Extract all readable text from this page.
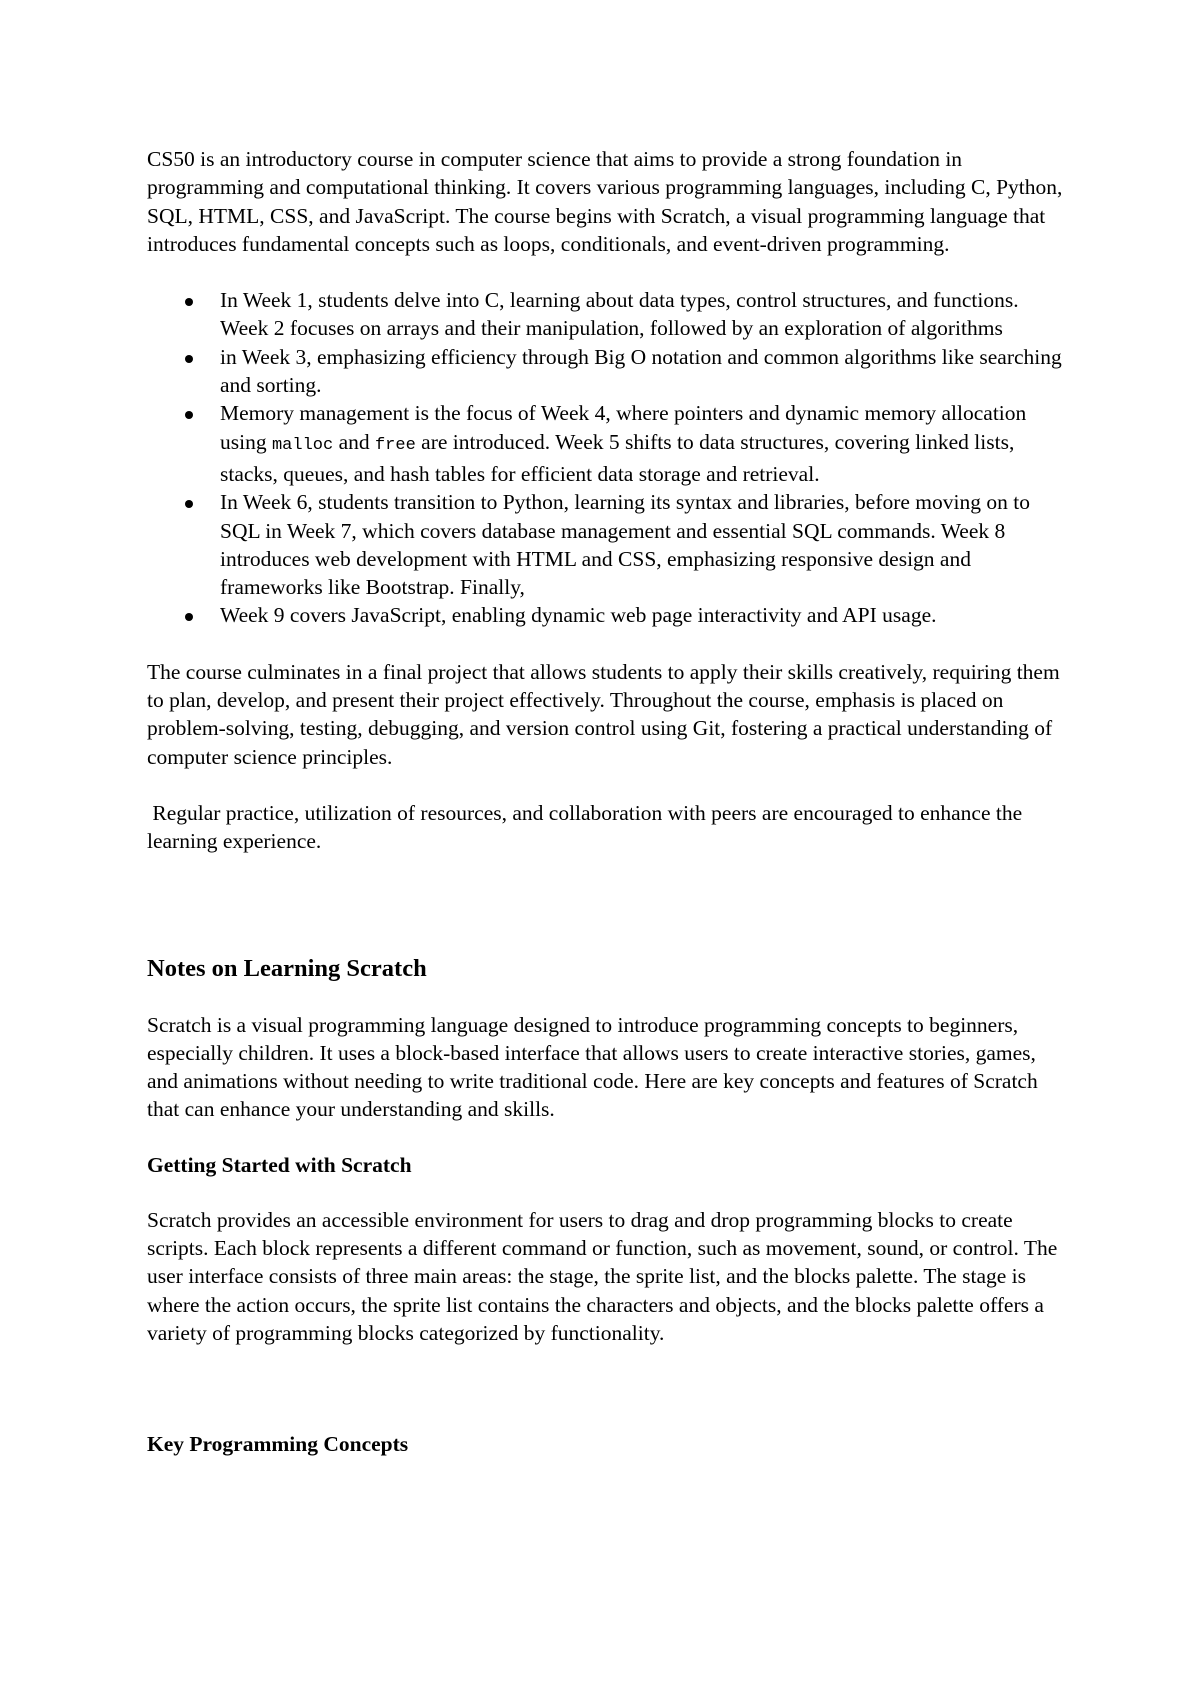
CS50 is an introductory course in computer science that aims to provide a strong foundation in programming and computational thinking. It covers various programming languages, including C, Python, SQL, HTML, CSS, and JavaScript. The course begins with Scratch, a visual programming language that introduces fundamental concepts such as loops, conditionals, and event-driven programming.

In Week 1, students delve into C, learning about data types, control structures, and functions. Week 2 focuses on arrays and their manipulation, followed by an exploration of algorithms
in Week 3, emphasizing efficiency through Big O notation and common algorithms like searching and sorting.
Memory management is the focus of Week 4, where pointers and dynamic memory allocation using malloc and free are introduced. Week 5 shifts to data structures, covering linked lists, stacks, queues, and hash tables for efficient data storage and retrieval.
In Week 6, students transition to Python, learning its syntax and libraries, before moving on to SQL in Week 7, which covers database management and essential SQL commands. Week 8 introduces web development with HTML and CSS, emphasizing responsive design and frameworks like Bootstrap. Finally,
Week 9 covers JavaScript, enabling dynamic web page interactivity and API usage.

The course culminates in a final project that allows students to apply their skills creatively, requiring them to plan, develop, and present their project effectively. Throughout the course, emphasis is placed on problem-solving, testing, debugging, and version control using Git, fostering a practical understanding of computer science principles.

Regular practice, utilization of resources, and collaboration with peers are encouraged to enhance the learning experience.

Notes on Learning Scratch

Scratch is a visual programming language designed to introduce programming concepts to beginners, especially children. It uses a block-based interface that allows users to create interactive stories, games, and animations without needing to write traditional code. Here are key concepts and features of Scratch that can enhance your understanding and skills.

Getting Started with Scratch

Scratch provides an accessible environment for users to drag and drop programming blocks to create scripts. Each block represents a different command or function, such as movement, sound, or control. The user interface consists of three main areas: the stage, the sprite list, and the blocks palette. The stage is where the action occurs, the sprite list contains the characters and objects, and the blocks palette offers a variety of programming blocks categorized by functionality.

Key Programming Concepts
